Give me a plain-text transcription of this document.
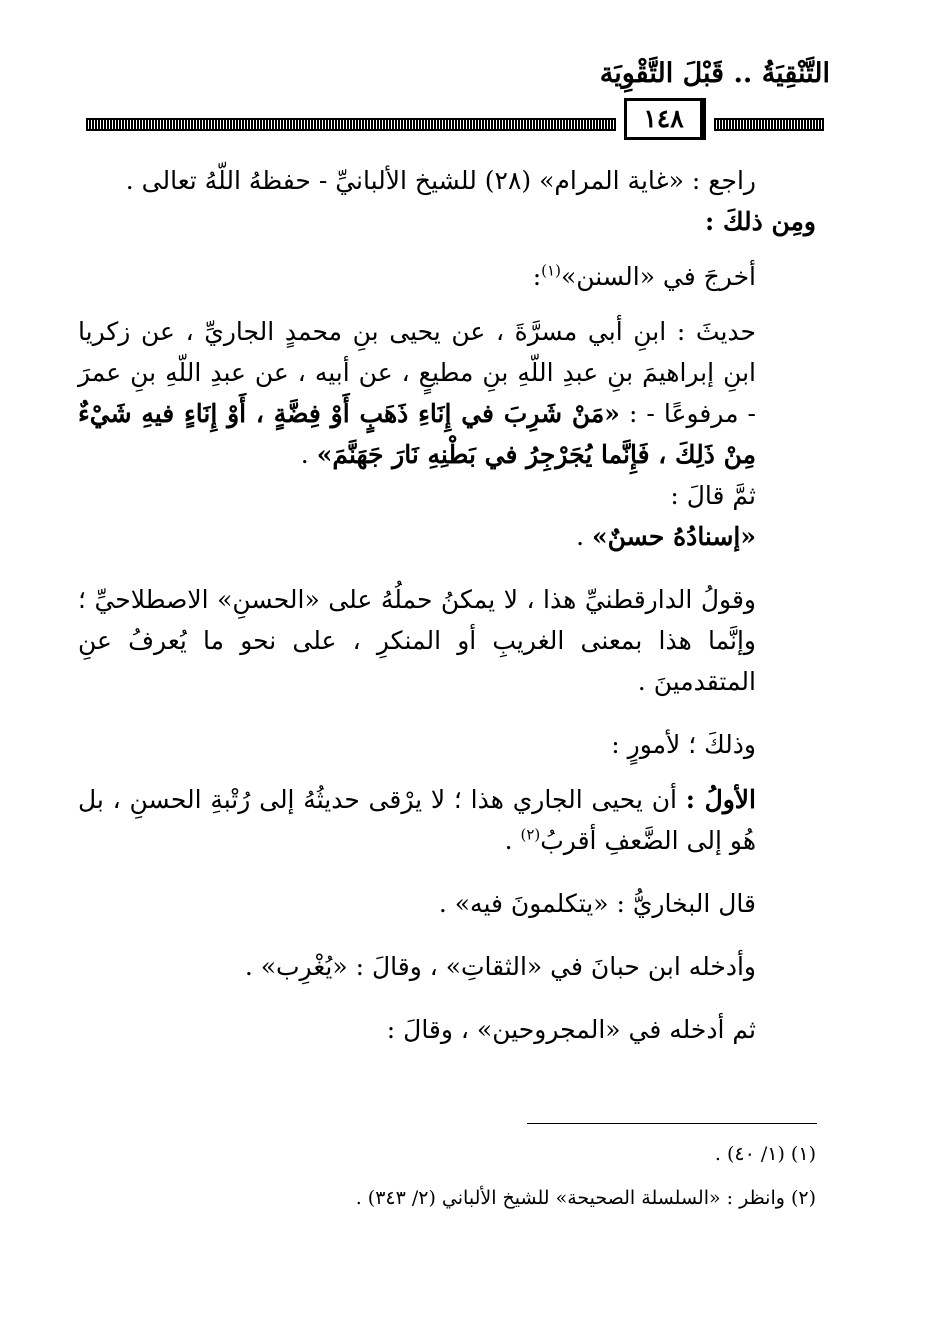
التَّنْقِيَةُ .. قَبْلَ التَّقْوِيَة
١٤٨

راجع : «غاية المرام» (٢٨) للشيخ الألبانيِّ - حفظهُ اللّهُ تعالى .

ومِن ذلكَ :

أخرجَ في «السنن»$^{(١)}$:

حديثَ : ابنِ أبي مسرَّةَ ، عن يحيى بنِ محمدٍ الجاريِّ ، عن زكريا ابنِ إبراهيمَ بنِ عبدِ اللّهِ بنِ مطيعٍ ، عن أبيه ، عن عبدِ اللّهِ بنِ عمرَ - مرفوعًا - : «مَنْ شَرِبَ في إِنَاءِ ذَهَبٍ أَوْ فِضَّةٍ ، أَوْ إِنَاءٍ فيهِ شَيْءٌ مِنْ ذَلِكَ ، فَإِنَّما يُجَرْجِرُ في بَطْنِهِ نَارَ جَهَنَّمَ» .

ثمَّ قالَ :

«إسنادُهُ حسنٌ» .

وقولُ الدارقطنيِّ هذا ، لا يمكنُ حملُهُ على «الحسنِ» الاصطلاحيِّ ؛ وإنَّما هذا بمعنى الغريبِ أو المنكرِ ، على نحو ما يُعرفُ عنِ المتقدمينَ .

وذلكَ ؛ لأمورٍ :

الأولُ : أن يحيى الجاري هذا ؛ لا يرْقى حديثُهُ إلى رُتْبةِ الحسنِ ، بل هُو إلى الضَّعفِ أقربُ$^{(٢)}$ .

قال البخاريُّ : «يتكلمونَ فيه» .

وأدخله ابن حبانَ في «الثقاتِ» ، وقالَ : «يُغْرِب» .

ثم أدخله في «المجروحين» ، وقالَ :

(١) (١/ ٤٠) .

(٢) وانظر : «السلسلة الصحيحة» للشيخ الألباني (٢/ ٣٤٣) .
